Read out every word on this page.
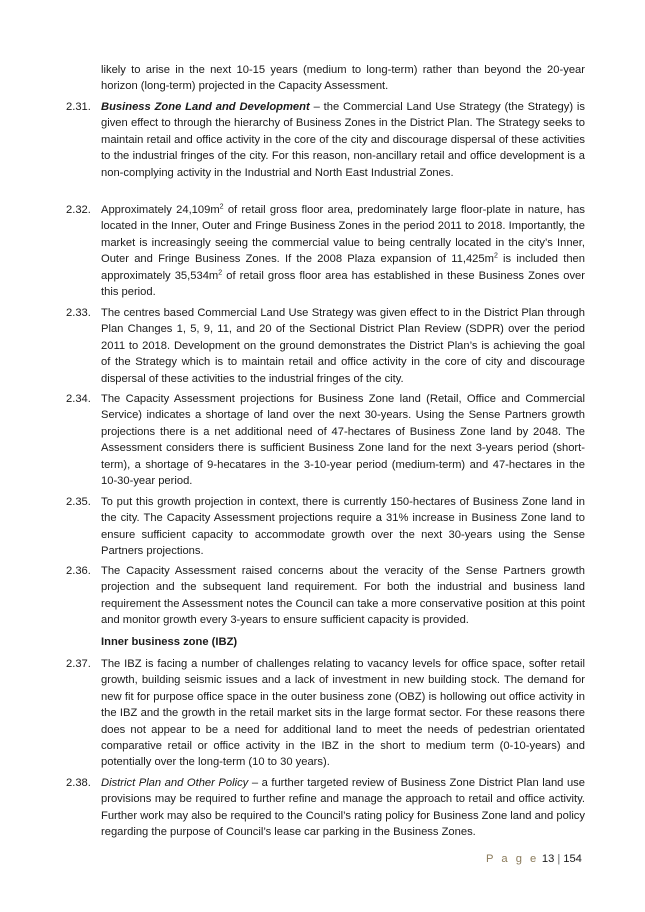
likely to arise in the next 10-15 years (medium to long-term) rather than beyond the 20-year horizon (long-term) projected in the Capacity Assessment.
2.31. Business Zone Land and Development – the Commercial Land Use Strategy (the Strategy) is given effect to through the hierarchy of Business Zones in the District Plan. The Strategy seeks to maintain retail and office activity in the core of the city and discourage dispersal of these activities to the industrial fringes of the city. For this reason, non-ancillary retail and office development is a non-complying activity in the Industrial and North East Industrial Zones.
2.32. Approximately $24,109m^2$ of retail gross floor area, predominately large floor-plate in nature, has located in the Inner, Outer and Fringe Business Zones in the period 2011 to 2018. Importantly, the market is increasingly seeing the commercial value to being centrally located in the city’s Inner, Outer and Fringe Business Zones. If the 2008 Plaza expansion of $11,425m^2$ is included then approximately $35,534m^2$ of retail gross floor area has established in these Business Zones over this period.
2.33. The centres based Commercial Land Use Strategy was given effect to in the District Plan through Plan Changes 1, 5, 9, 11, and 20 of the Sectional District Plan Review (SDPR) over the period 2011 to 2018. Development on the ground demonstrates the District Plan’s is achieving the goal of the Strategy which is to maintain retail and office activity in the core of city and discourage dispersal of these activities to the industrial fringes of the city.
2.34. The Capacity Assessment projections for Business Zone land (Retail, Office and Commercial Service) indicates a shortage of land over the next 30-years. Using the Sense Partners growth projections there is a net additional need of 47-hectares of Business Zone land by 2048. The Assessment considers there is sufficient Business Zone land for the next 3-years period (short-term), a shortage of 9-hecatares in the 3-10-year period (medium-term) and 47-hectares in the 10-30-year period.
2.35. To put this growth projection in context, there is currently 150-hectares of Business Zone land in the city. The Capacity Assessment projections require a 31% increase in Business Zone land to ensure sufficient capacity to accommodate growth over the next 30-years using the Sense Partners projections.
2.36. The Capacity Assessment raised concerns about the veracity of the Sense Partners growth projection and the subsequent land requirement. For both the industrial and business land requirement the Assessment notes the Council can take a more conservative position at this point and monitor growth every 3-years to ensure sufficient capacity is provided.
Inner business zone (IBZ)
2.37. The IBZ is facing a number of challenges relating to vacancy levels for office space, softer retail growth, building seismic issues and a lack of investment in new building stock. The demand for new fit for purpose office space in the outer business zone (OBZ) is hollowing out office activity in the IBZ and the growth in the retail market sits in the large format sector. For these reasons there does not appear to be a need for additional land to meet the needs of pedestrian orientated comparative retail or office activity in the IBZ in the short to medium term (0-10-years) and potentially over the long-term (10 to 30 years).
2.38. District Plan and Other Policy – a further targeted review of Business Zone District Plan land use provisions may be required to further refine and manage the approach to retail and office activity. Further work may also be required to the Council’s rating policy for Business Zone land and policy regarding the purpose of Council’s lease car parking in the Business Zones.
P a g e 13 | 154
